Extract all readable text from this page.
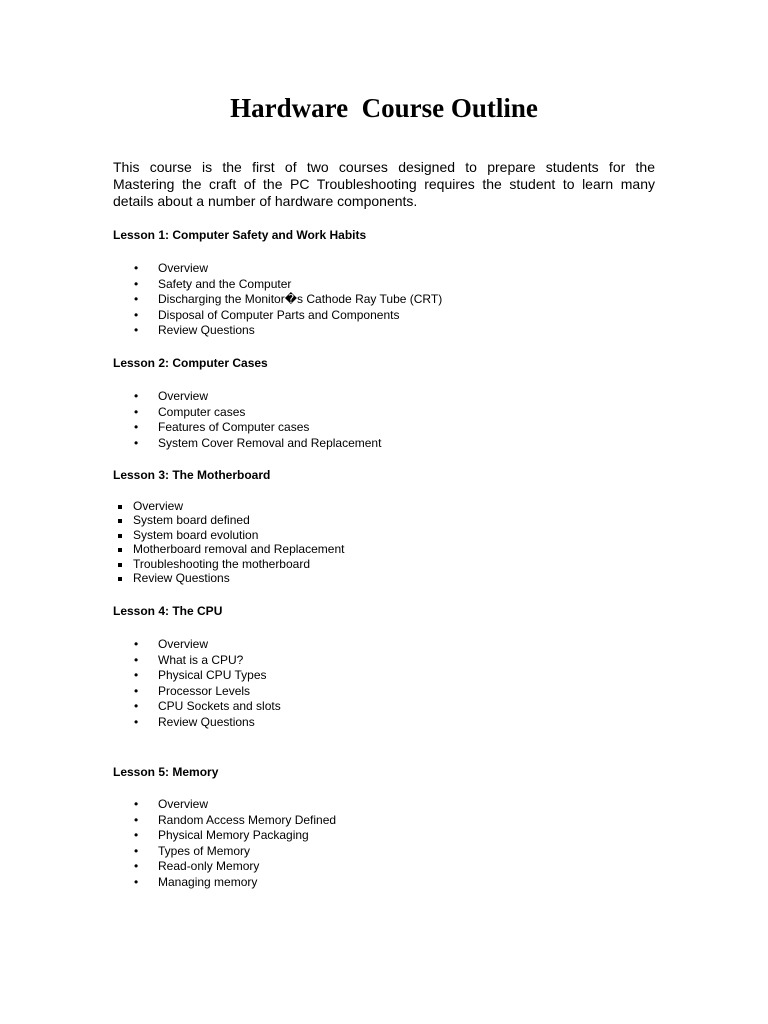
Hardware  Course Outline
This course is the first of two courses designed to prepare students for the
Mastering the craft of the PC Troubleshooting requires the student to learn many
details about a number of hardware components.
Lesson 1: Computer Safety and Work Habits
• Overview
• Safety and the Computer
• Discharging the Monitor�s Cathode Ray Tube (CRT)
• Disposal of Computer Parts and Components
• Review Questions
Lesson 2: Computer Cases
• Overview
• Computer cases
• Features of Computer cases
• System Cover Removal and Replacement
Lesson 3: The Motherboard
Overview
System board defined
System board evolution
Motherboard removal and Replacement
Troubleshooting the motherboard
Review Questions
Lesson 4: The CPU
• Overview
• What is a CPU?
• Physical CPU Types
• Processor Levels
• CPU Sockets and slots
• Review Questions
Lesson 5: Memory
• Overview
• Random Access Memory Defined
• Physical Memory Packaging
• Types of Memory
• Read-only Memory
• Managing memory
